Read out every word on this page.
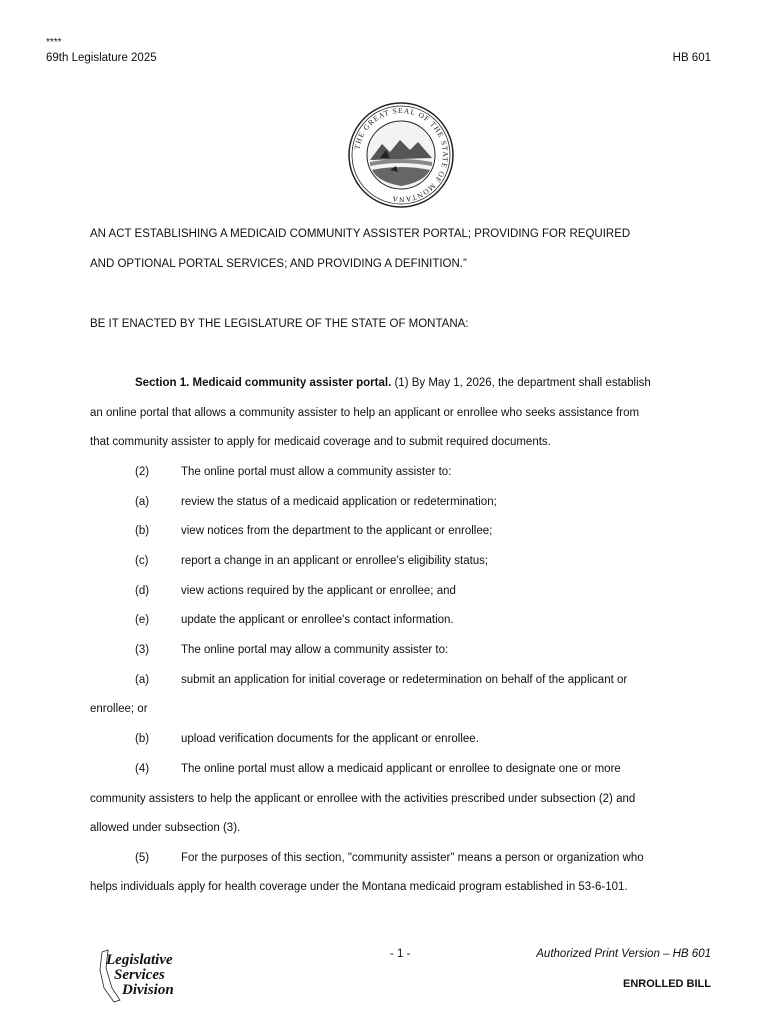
****
69th Legislature 2025	HB 601
THE GREAT SEAL OF THE STATE OF MONTANA
AN ACT ESTABLISHING A MEDICAID COMMUNITY ASSISTER PORTAL; PROVIDING FOR REQUIRED
AND OPTIONAL PORTAL SERVICES; AND PROVIDING A DEFINITION.”
BE IT ENACTED BY THE LEGISLATURE OF THE STATE OF MONTANA:
Section 1. Medicaid community assister portal. (1) By May 1, 2026, the department shall establish
an online portal that allows a community assister to help an applicant or enrollee who seeks assistance from
that community assister to apply for medicaid coverage and to submit required documents.
(2)	The online portal must allow a community assister to:
(a)	review the status of a medicaid application or redetermination;
(b)	view notices from the department to the applicant or enrollee;
(c)	report a change in an applicant or enrollee's eligibility status;
(d)	view actions required by the applicant or enrollee; and
(e)	update the applicant or enrollee's contact information.
(3)	The online portal may allow a community assister to:
(a)	submit an application for initial coverage or redetermination on behalf of the applicant or
enrollee; or
(b)	upload verification documents for the applicant or enrollee.
(4)	The online portal must allow a medicaid applicant or enrollee to designate one or more
community assisters to help the applicant or enrollee with the activities prescribed under subsection (2) and
allowed under subsection (3).
(5)	For the purposes of this section, "community assister" means a person or organization who
helps individuals apply for health coverage under the Montana medicaid program established in 53-6-101.
Legislative
Services
Division
- 1 -	Authorized Print Version – HB 601
ENROLLED BILL
